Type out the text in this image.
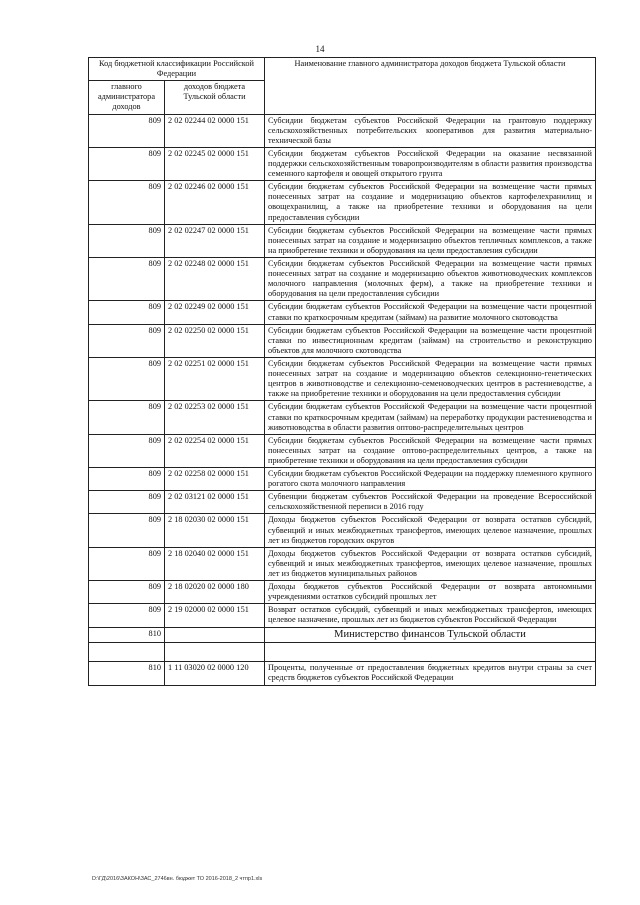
14
Код бюджетной классификации Российской Федерации		Наименование главного администратора доходов бюджета Тульской области
главного администратора доходов	доходов бюджета Тульской области	
809	2 02 02244 02 0000 151	Субсидии бюджетам субъектов Российской Федерации на грантовую поддержку сельскохозяйственных потребительских кооперативов для развития материально-технической базы
809	2 02 02245 02 0000 151	Субсидии бюджетам субъектов Российской Федерации на оказание несвязанной поддержки сельскохозяйственным товаропроизводителям в области развития производства семенного картофеля и овощей открытого грунта
809	2 02 02246 02 0000 151	Субсидии бюджетам субъектов Российской Федерации на возмещение части прямых понесенных затрат на создание и модернизацию объектов картофелехранилищ и овощехранилищ, а также на приобретение техники и оборудования на цели предоставления субсидии
809	2 02 02247 02 0000 151	Субсидии бюджетам субъектов Российской Федерации на возмещение части прямых понесенных затрат на создание и модернизацию объектов тепличных комплексов, а также на приобретение техники и оборудования на цели предоставления субсидии
809	2 02 02248 02 0000 151	Субсидии бюджетам субъектов Российской Федерации на возмещение части прямых понесенных затрат на создание и модернизацию объектов животноводческих комплексов молочного направления (молочных ферм), а также на приобретение техники и оборудования на цели предоставления субсидии
809	2 02 02249 02 0000 151	Субсидии бюджетам субъектов Российской Федерации на возмещение части процентной ставки по краткосрочным кредитам (займам) на развитие молочного скотоводства
809	2 02 02250 02 0000 151	Субсидии бюджетам субъектов Российской Федерации на возмещение части процентной ставки по инвестиционным кредитам (займам) на строительство и реконструкцию объектов для молочного скотоводства
809	2 02 02251 02 0000 151	Субсидии бюджетам субъектов Российской Федерации на возмещение части прямых понесенных затрат на создание и модернизацию объектов селекционно-генетических центров в животноводстве и селекционно-семеноводческих центров в растениеводстве, а также на приобретение техники и оборудования на цели предоставления субсидии
809	2 02 02253 02 0000 151	Субсидии бюджетам субъектов Российской Федерации на возмещение части процентной ставки по краткосрочным кредитам (займам) на переработку продукции растениеводства и животноводства в области развития оптово-распределительных центров
809	2 02 02254 02 0000 151	Субсидии бюджетам субъектов Российской Федерации на возмещение части прямых понесенных затрат на создание оптово-распределительных центров, а также на приобретение техники и оборудования на цели предоставления субсидии
809	2 02 02258 02 0000 151	Субсидии бюджетам субъектов Российской Федерации на поддержку племенного крупного рогатого скота молочного направления
809	2 02 03121 02 0000 151	Субвенции бюджетам субъектов Российской Федерации на проведение Всероссийской сельскохозяйственной переписи в 2016 году
809	2 18 02030 02 0000 151	Доходы бюджетов субъектов Российской Федерации от возврата остатков субсидий, субвенций и иных межбюджетных трансфертов, имеющих целевое назначение, прошлых лет из бюджетов городских округов
809	2 18 02040 02 0000 151	Доходы бюджетов субъектов Российской Федерации от возврата остатков субсидий, субвенций и иных межбюджетных трансфертов, имеющих целевое назначение, прошлых лет из бюджетов муниципальных районов
809	2 18 02020 02 0000 180	Доходы бюджетов субъектов Российской Федерации от возврата автономными учреждениями остатков субсидий прошлых лет
809	2 19 02000 02 0000 151	Возврат остатков субсидий, субвенций и иных межбюджетных трансфертов, имеющих целевое назначение, прошлых лет из бюджетов субъектов Российской Федерации
810		Министерство финансов Тульской области

810	1 11 03020 02 0000 120	Проценты, полученные от предоставления бюджетных кредитов внутри страны за счет средств бюджетов субъектов Российской Федерации
D:\ГД\2016\ЗАКОН\ЗАС_2746вн. бюджет ТО 2016-2018_2 чтпр1.xls
